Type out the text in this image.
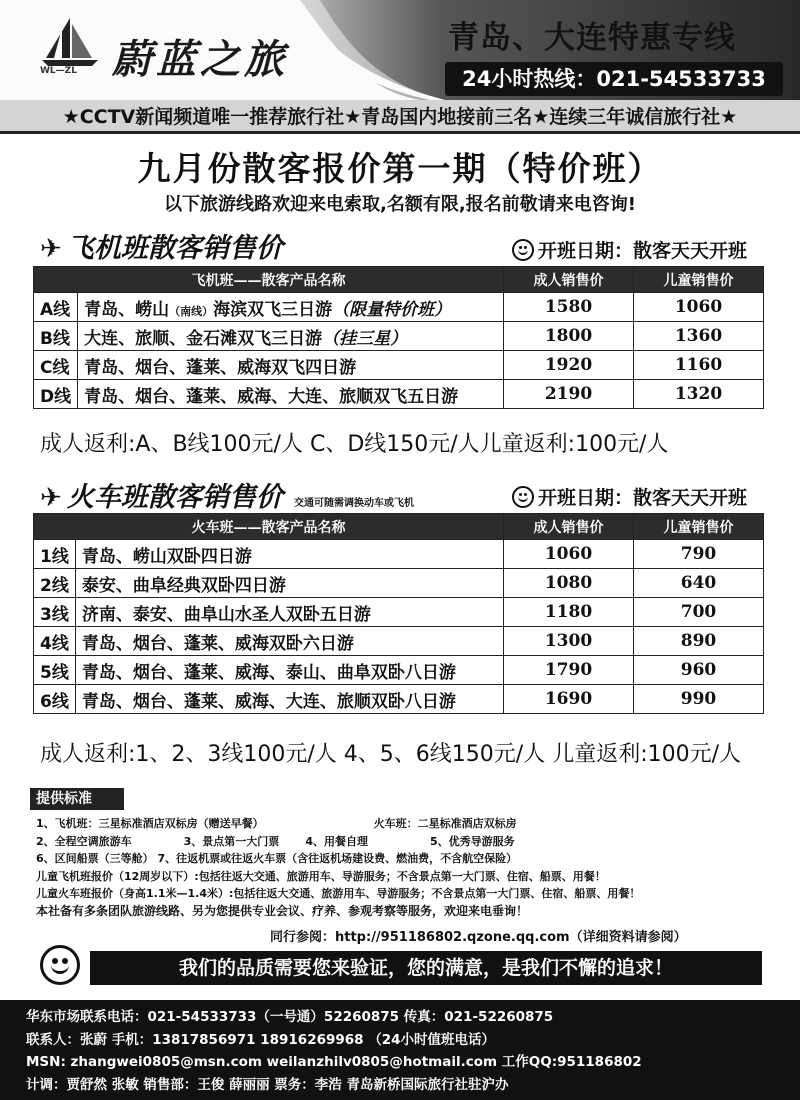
WL—ZL 蔚蓝之旅	青岛、大连特惠专线
24小时热线：021-54533733
★CCTV新闻频道唯一推荐旅行社★青岛国内地接前三名★连续三年诚信旅行社★
九月份散客报价第一期（特价班）
以下旅游线路欢迎来电索取,名额有限,报名前敬请来电咨询!
✈ 飞机班散客销售价	开班日期：散客天天开班
飞机班——散客产品名称		成人销售价	儿童销售价
A线	青岛、崂山（南线）海滨双飞三日游（限量特价班）	1580	1060
B线	大连、旅顺、金石滩双飞三日游（挂三星）	1800	1360
C线	青岛、烟台、蓬莱、威海双飞四日游	1920	1160
D线	青岛、烟台、蓬莱、威海、大连、旅顺双飞五日游	2190	1320
成人返利:A、B线100元/人 C、D线150元/人儿童返利:100元/人
✈ 火车班散客销售价 交通可随需调换动车或飞机	开班日期：散客天天开班
火车班——散客产品名称		成人销售价	儿童销售价
1线	青岛、崂山双卧四日游	1060	790
2线	泰安、曲阜经典双卧四日游	1080	640
3线	济南、泰安、曲阜山水圣人双卧五日游	1180	700
4线	青岛、烟台、蓬莱、威海双卧六日游	1300	890
5线	青岛、烟台、蓬莱、威海、泰山、曲阜双卧八日游	1790	960
6线	青岛、烟台、蓬莱、威海、大连、旅顺双卧八日游	1690	990
成人返利:1、2、3线100元/人 4、5、6线150元/人 儿童返利:100元/人
提供标准
1、飞机班：三星标准酒店双标房（赠送早餐）	火车班：二星标准酒店双标房
2、全程空调旅游车	3、景点第一大门票 4、用餐自理	5、优秀导游服务
6、区间船票（三等舱） 7、往返机票或往返火车票（含往返机场建设费、燃油费，不含航空保险）
儿童飞机班报价（12周岁以下）:包括往返大交通、旅游用车、导游服务；不含景点第一大门票、住宿、船票、用餐！
儿童火车班报价（身高1.1米—1.4米）:包括往返大交通、旅游用车、导游服务；不含景点第一大门票、住宿、船票、用餐！
本社备有多条团队旅游线路、另为您提供专业会议、疗养、参观考察等服务，欢迎来电垂询！
同行参阅：http://951186802.qzone.qq.com（详细资料请参阅）
我们的品质需要您来验证，您的满意，是我们不懈的追求！
华东市场联系电话：021-54533733（一号通）52260875 传真：021-52260875
联系人：张蔚 手机：13817856971 18916269968 （24小时值班电话）
MSN: zhangwei0805@msn.com weilanzhilv0805@hotmail.com 工作QQ:951186802
计调：贾舒然 张敏 销售部：王俊 薛丽丽 票务：李浩 青岛新桥国际旅行社驻沪办
